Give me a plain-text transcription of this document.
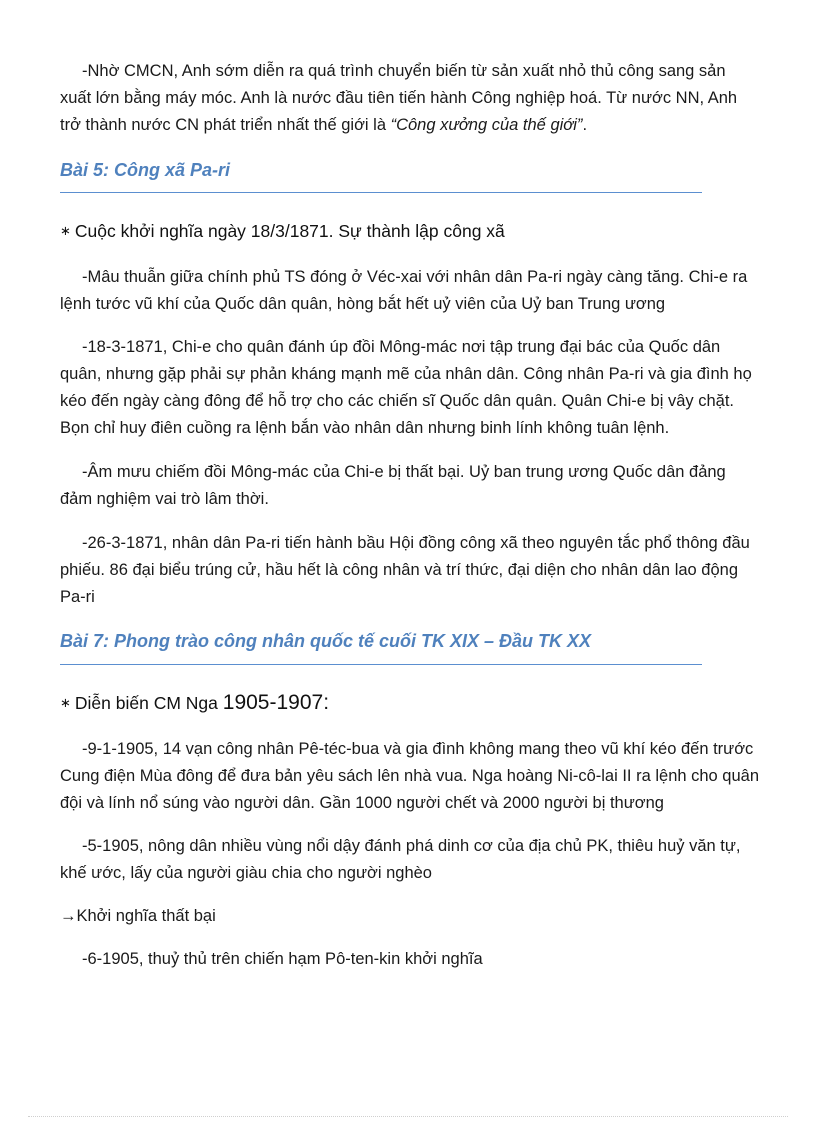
-Nhờ CMCN, Anh sớm diễn ra quá trình chuyển biến từ sản xuất nhỏ thủ công sang sản xuất lớn bằng máy móc. Anh là nước đầu tiên tiến hành Công nghiệp hoá. Từ nước NN, Anh trở thành nước CN phát triển nhất thế giới là “Công xưởng của thế giới”.

Bài 5: Công xã Pa-ri

∗ Cuộc khởi nghĩa ngày 18/3/1871. Sự thành lập công xã

-Mâu thuẫn giữa chính phủ TS đóng ở Véc-xai với nhân dân Pa-ri ngày càng tăng. Chi-e ra lệnh tước vũ khí của Quốc dân quân, hòng bắt hết uỷ viên của Uỷ ban Trung ương

-18-3-1871, Chi-e cho quân đánh úp đồi Mông-mác nơi tập trung đại bác của Quốc dân quân, nhưng gặp phải sự phản kháng mạnh mẽ của nhân dân. Công nhân Pa-ri và gia đình họ kéo đến ngày càng đông để hỗ trợ cho các chiến sĩ Quốc dân quân. Quân Chi-e bị vây chặt. Bọn chỉ huy điên cuồng ra lệnh bắn vào nhân dân nhưng binh lính không tuân lệnh.

-Âm mưu chiếm đồi Mông-mác của Chi-e bị thất bại. Uỷ ban trung ương Quốc dân đảng đảm nghiệm vai trò lâm thời.

-26-3-1871, nhân dân Pa-ri tiến hành bầu Hội đồng công xã theo nguyên tắc phổ thông đầu phiếu. 86 đại biểu trúng cử, hầu hết là công nhân và trí thức, đại diện cho nhân dân lao động Pa-ri

Bài 7: Phong trào công nhân quốc tế cuối TK XIX – Đầu TK XX

∗ Diễn biến CM Nga 1905-1907:

-9-1-1905, 14 vạn công nhân Pê-téc-bua và gia đình không mang theo vũ khí kéo đến trước Cung điện Mùa đông để đưa bản yêu sách lên nhà vua. Nga hoàng Ni-cô-lai II ra lệnh cho quân đội và lính nổ súng vào người dân. Gần 1000 người chết và 2000 người bị thương

-5-1905, nông dân nhiều vùng nổi dậy đánh phá dinh cơ của địa chủ PK, thiêu huỷ văn tự, khế ước, lấy của người giàu chia cho người nghèo

→Khởi nghĩa thất bại

-6-1905, thuỷ thủ trên chiến hạm Pô-ten-kin khởi nghĩa
